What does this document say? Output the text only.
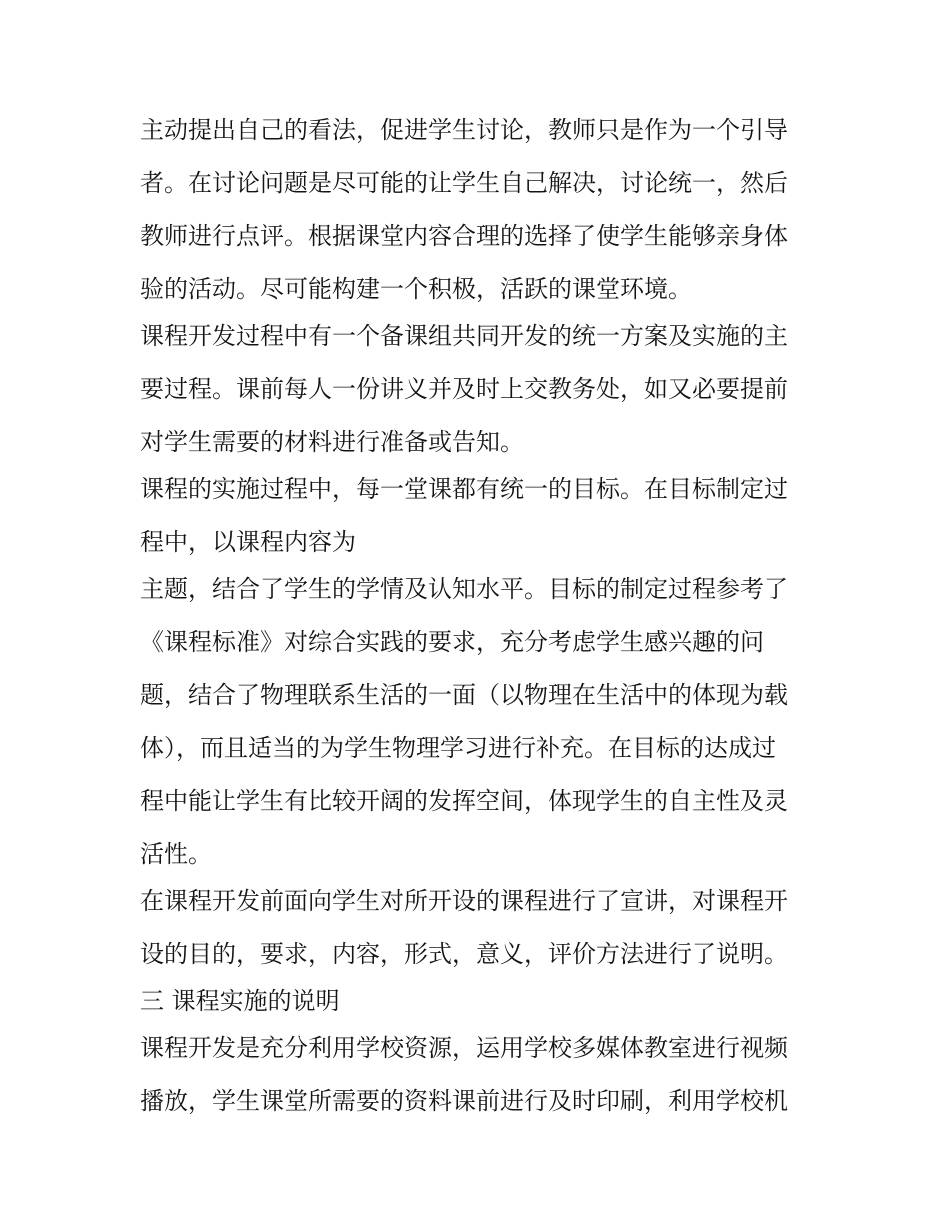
主动提出自己的看法，促进学生讨论，教师只是作为一个引导
者。在讨论问题是尽可能的让学生自己解决，讨论统一，然后
教师进行点评。根据课堂内容合理的选择了使学生能够亲身体
验的活动。尽可能构建一个积极，活跃的课堂环境。
课程开发过程中有一个备课组共同开发的统一方案及实施的主
要过程。课前每人一份讲义并及时上交教务处，如又必要提前
对学生需要的材料进行准备或告知。
课程的实施过程中，每一堂课都有统一的目标。在目标制定过
程中，以课程内容为
主题，结合了学生的学情及认知水平。目标的制定过程参考了
《课程标准》对综合实践的要求，充分考虑学生感兴趣的问
题，结合了物理联系生活的一面（以物理在生活中的体现为载
体），而且适当的为学生物理学习进行补充。在目标的达成过
程中能让学生有比较开阔的发挥空间，体现学生的自主性及灵
活性。
在课程开发前面向学生对所开设的课程进行了宣讲，对课程开
设的目的，要求，内容，形式，意义，评价方法进行了说明。
三 课程实施的说明
课程开发是充分利用学校资源，运用学校多媒体教室进行视频
播放，学生课堂所需要的资料课前进行及时印刷，利用学校机
